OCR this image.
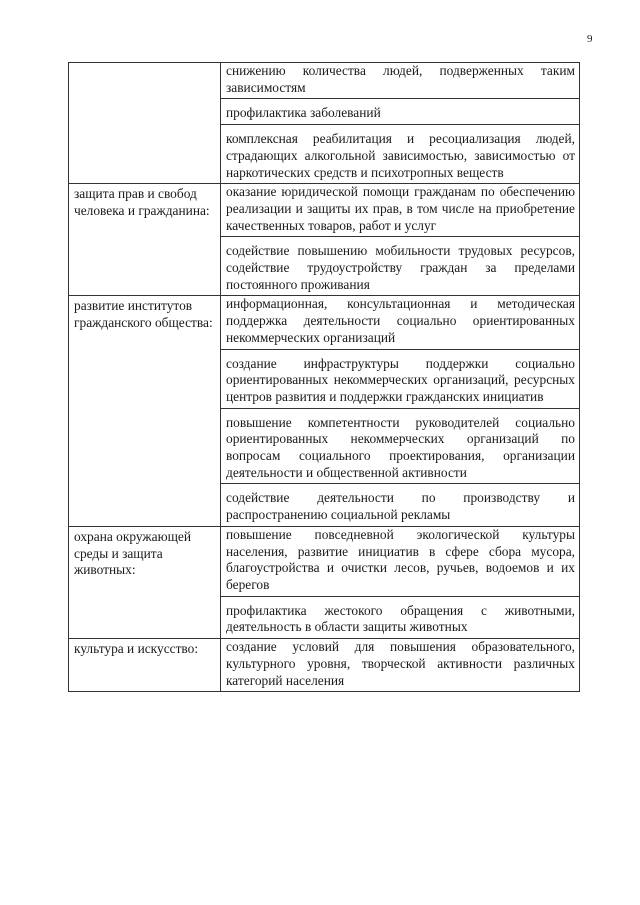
9

	снижению количества людей, подверженных таким зависимостям
профилактика заболеваний
комплексная реабилитация и ресоциализация людей, страдающих алкогольной зависимостью, зависимостью от наркотических средств и психотропных веществ

защита прав и свобод человека и гражданина:	оказание юридической помощи гражданам по обеспечению реализации и защиты их прав, в том числе на приобретение качественных товаров, работ и услуг
содействие повышению мобильности трудовых ресурсов, содействие трудоустройству граждан за пределами постоянного проживания

развитие институтов гражданского общества:	информационная, консультационная и методическая поддержка деятельности социально ориентированных некоммерческих организаций
создание инфраструктуры поддержки социально ориентированных некоммерческих организаций, ресурсных центров развития и поддержки гражданских инициатив
повышение компетентности руководителей социально ориентированных некоммерческих организаций по вопросам социального проектирования, организации деятельности и общественной активности
содействие деятельности по производству и распространению социальной рекламы

охрана окружающей среды и защита животных:	повышение повседневной экологической культуры населения, развитие инициатив в сфере сбора мусора, благоустройства и очистки лесов, ручьев, водоемов и их берегов
профилактика жестокого обращения с животными, деятельность в области защиты животных

культура и искусство:	создание условий для повышения образовательного, культурного уровня, творческой активности различных категорий населения
